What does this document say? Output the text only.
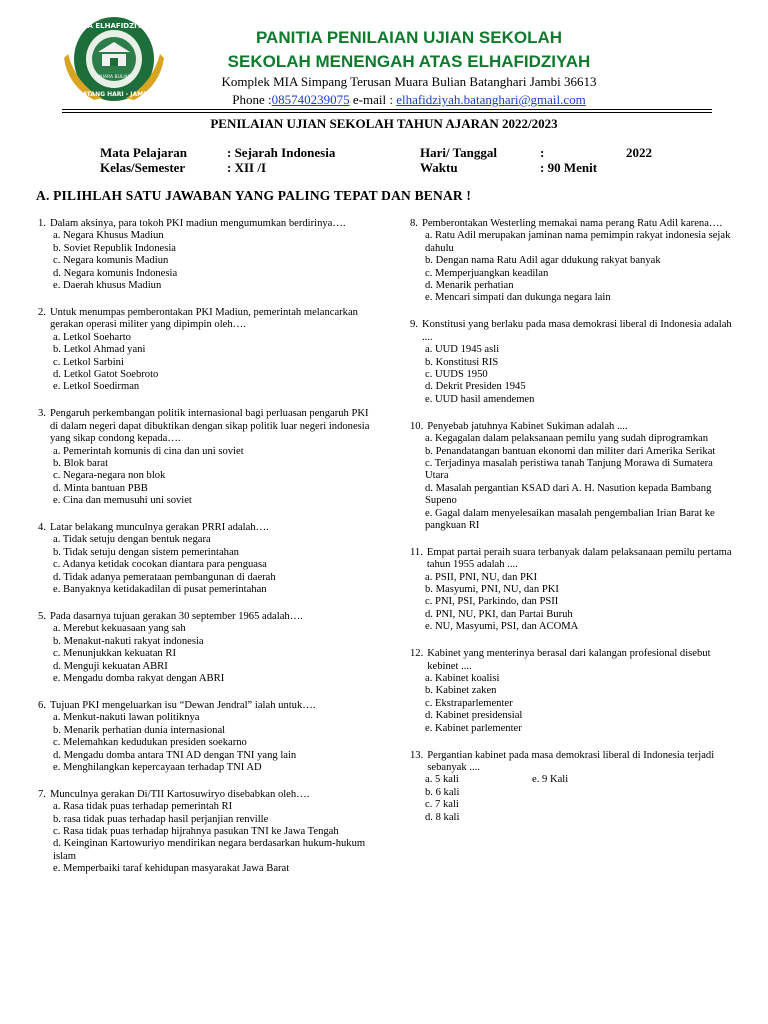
SMA ELHAFIDZIYAH
MUARA BULIAN
BATANG HARI - JAMBI
PANITIA PENILAIAN UJIAN SEKOLAH
SEKOLAH MENENGAH ATAS ELHAFIDZIYAH
Komplek MIA Simpang Terusan Muara Bulian Batanghari Jambi 36613
Phone :085740239075 e-mail : elhafidziyah.batanghari@gmail.com
PENILAIAN UJIAN SEKOLAH TAHUN AJARAN 2022/2023
Mata Pelajaran	: Sejarah Indonesia
Kelas/Semester	: XII /I
Hari/ Tanggal	:	2022
Waktu	: 90 Menit
A. PILIHLAH SATU JAWABAN YANG PALING TEPAT DAN BENAR !
1. Dalam aksinya, para tokoh PKI madiun mengumumkan berdirinya….
a. Negara Khusus Madiun
b. Soviet Republik Indonesia
c. Negara komunis Madiun
d. Negara komunis Indonesia
e. Daerah khusus Madiun
2. Untuk menumpas pemberontakan PKI Madiun, pemerintah melancarkan gerakan operasi militer yang dipimpin oleh….
a. Letkol Soeharto
b. Letkol Ahmad yani
c. Letkol Sarbini
d. Letkol Gatot Soebroto
e. Letkol Soedirman
3. Pengaruh perkembangan politik internasional bagi perluasan pengaruh PKI di dalam negeri dapat dibuktikan dengan sikap politik luar negeri indonesia yang sikap condong kepada….
a. Pemerintah komunis di cina dan uni soviet
b. Blok barat
c. Negara-negara non blok
d. Minta bantuan PBB
e. Cina dan memusuhi uni soviet
4. Latar belakang munculnya gerakan PRRI adalah….
a. Tidak setuju dengan bentuk negara
b. Tidak setuju dengan sistem pemerintahan
c. Adanya ketidak cocokan diantara para penguasa
d. Tidak adanya pemerataan pembangunan di daerah
e. Banyaknya ketidakadilan di pusat pemerintahan
5. Pada dasarnya tujuan gerakan 30 september 1965 adalah….
a. Merebut kekuasaan yang sah
b. Menakut-nakuti rakyat indonesia
c. Menunjukkan kekuatan RI
d. Menguji kekuatan ABRI
e. Mengadu domba rakyat dengan ABRI
6. Tujuan PKI mengeluarkan isu “Dewan Jendral” ialah untuk….
a. Menkut-nakuti lawan politiknya
b. Menarik perhatian dunia internasional
c. Melemahkan kedudukan presiden soekarno
d. Mengadu domba antara TNI AD dengan TNI yang lain
e. Menghilangkan kepercayaan terhadap TNI AD
7. Munculnya gerakan Di/TII Kartosuwiryo disebabkan oleh….
a. Rasa tidak puas terhadap pemerintah RI
b. rasa tidak puas terhadap hasil perjanjian renville
c. Rasa tidak puas terhadap hijrahnya pasukan TNI ke Jawa Tengah
d. Keinginan Kartowuriyo mendirikan negara berdasarkan hukum-hukum islam
e. Memperbaiki taraf kehidupan masyarakat Jawa Barat
8. Pemberontakan Westerling memakai nama perang Ratu Adil karena….
a. Ratu Adil merupakan jaminan nama pemimpin rakyat indonesia sejak dahulu
b. Dengan nama Ratu Adil agar ddukung rakyat banyak
c. Memperjuangkan keadilan
d. Menarik perhatian
e. Mencari simpati dan dukunga negara lain
9. Konstitusi yang berlaku pada masa demokrasi liberal di Indonesia adalah ....
a. UUD 1945 asli
b. Konstitusi RIS
c. UUDS 1950
d. Dekrit Presiden 1945
e. UUD hasil amendemen
10. Penyebab jatuhnya Kabinet Sukiman adalah ....
a. Kegagalan dalam pelaksanaan pemilu yang sudah diprogramkan
b. Penandatangan bantuan ekonomi dan militer dari Amerika Serikat
c. Terjadinya masalah peristiwa tanah Tanjung Morawa di Sumatera Utara
d. Masalah pergantian KSAD dari A. H. Nasution kepada Bambang Supeno
e. Gagal dalam menyelesaikan masalah pengembalian Irian Barat ke pangkuan RI
11. Empat partai peraih suara terbanyak dalam pelaksanaan pemilu pertama tahun 1955 adalah ....
a. PSII, PNI, NU, dan PKI
b. Masyumi, PNI, NU, dan PKI
c. PNI, PSI, Parkindo, dan PSII
d. PNI, NU, PKI, dan Partai Buruh
e. NU, Masyumi, PSI, dan ACOMA
12. Kabinet yang menterinya berasal dari kalangan profesional disebut kebinet ....
a. Kabinet koalisi
b. Kabinet zaken
c. Ekstraparlementer
d. Kabinet presidensial
e. Kabinet parlementer
13. Pergantian kabinet pada masa demokrasi liberal di Indonesia terjadi sebanyak ....
a. 5 kali	e. 9 Kali
b. 6 kali
c. 7 kali
d. 8 kali
